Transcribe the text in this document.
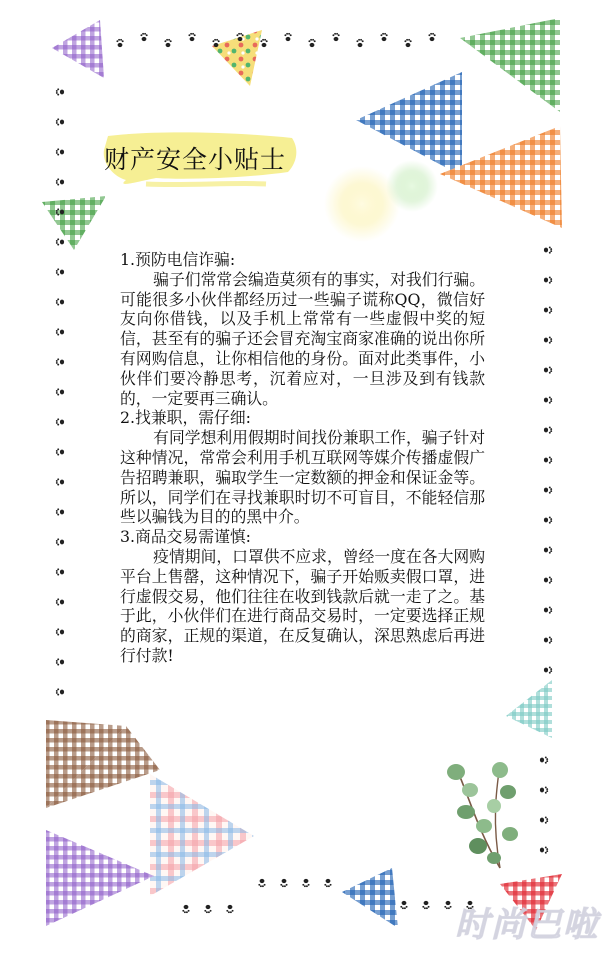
财产安全小贴士

1.预防电信诈骗:

骗子们常常会编造莫须有的事实，对我们行骗。可能很多小伙伴都经历过一些骗子谎称QQ，微信好友向你借钱，以及手机上常常有一些虚假中奖的短信，甚至有的骗子还会冒充淘宝商家准确的说出你所有网购信息，让你相信他的身份。面对此类事件，小伙伴们要冷静思考，沉着应对，一旦涉及到有钱款的，一定要再三确认。

2.找兼职，需仔细:

有同学想利用假期时间找份兼职工作，骗子针对这种情况，常常会利用手机互联网等媒介传播虚假广告招聘兼职，骗取学生一定数额的押金和保证金等。所以，同学们在寻找兼职时切不可盲目，不能轻信那些以骗钱为目的的黑中介。

3.商品交易需谨慎:

疫情期间，口罩供不应求，曾经一度在各大网购平台上售罄，这种情况下，骗子开始贩卖假口罩，进行虚假交易，他们往往在收到钱款后就一走了之。基于此，小伙伴们在进行商品交易时，一定要选择正规的商家，正规的渠道，在反复确认，深思熟虑后再进行付款!

时尚巴啦
